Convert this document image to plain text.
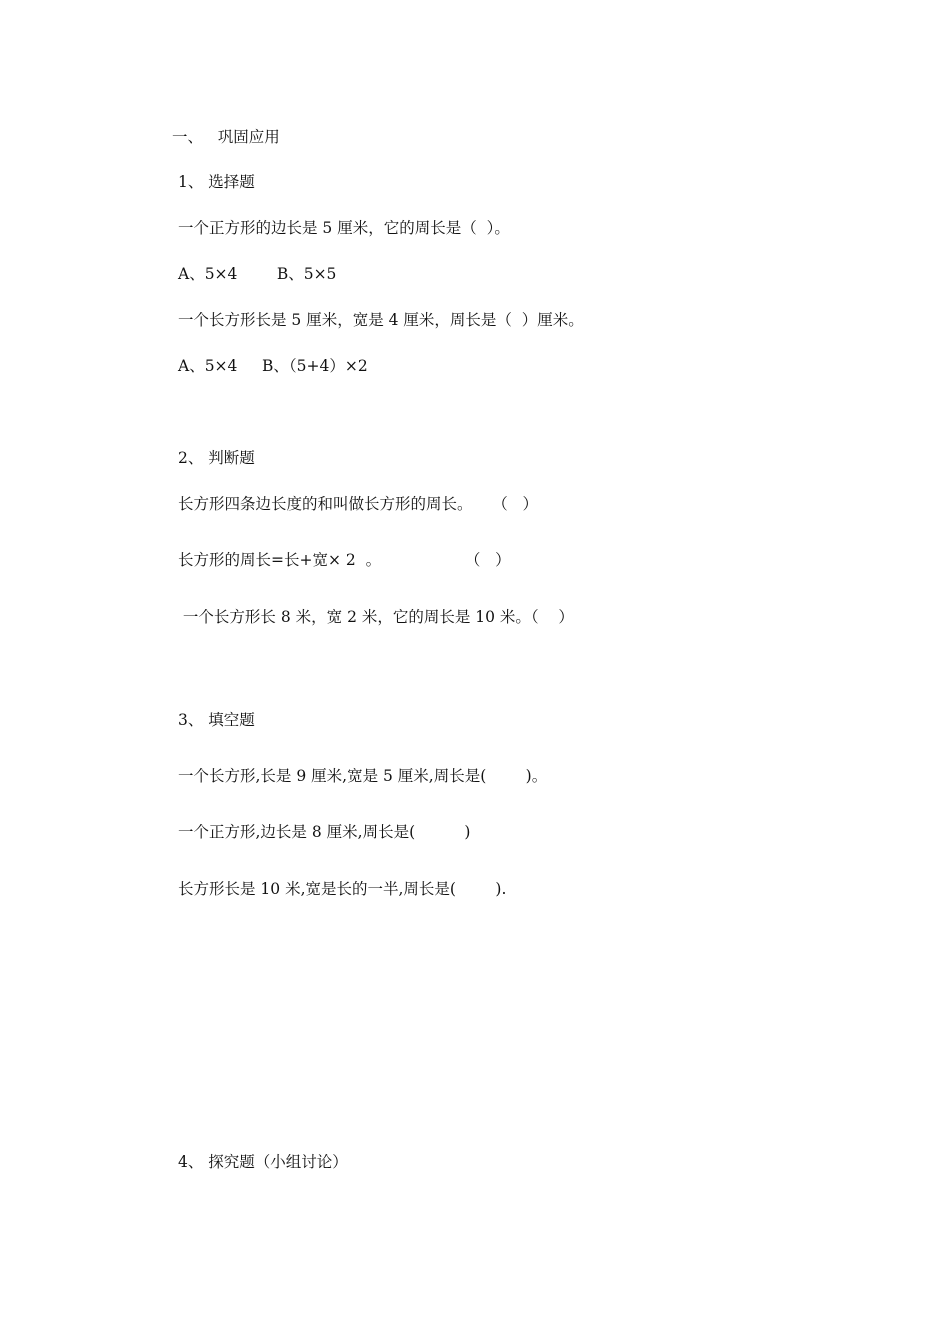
一、   巩固应用
1、 选择题
一个正方形的边长是 5 厘米，它的周长是（  ）。
A、5×4        B、5×5
一个长方形长是 5 厘米，宽是 4 厘米，周长是（  ）厘米。
A、5×4     B、（5+4）×2
2、 判断题
长方形四条边长度的和叫做长方形的周长。    （   ）
长方形的周长=长+宽× 2  。                 （   ）
一个长方形长 8 米，宽 2 米，它的周长是 10 米。（    ）
3、 填空题
一个长方形,长是 9 厘米,宽是 5 厘米,周长是(        )。
一个正方形,边长是 8 厘米,周长是(          )
长方形长是 10 米,宽是长的一半,周长是(        ).
4、 探究题（小组讨论）
